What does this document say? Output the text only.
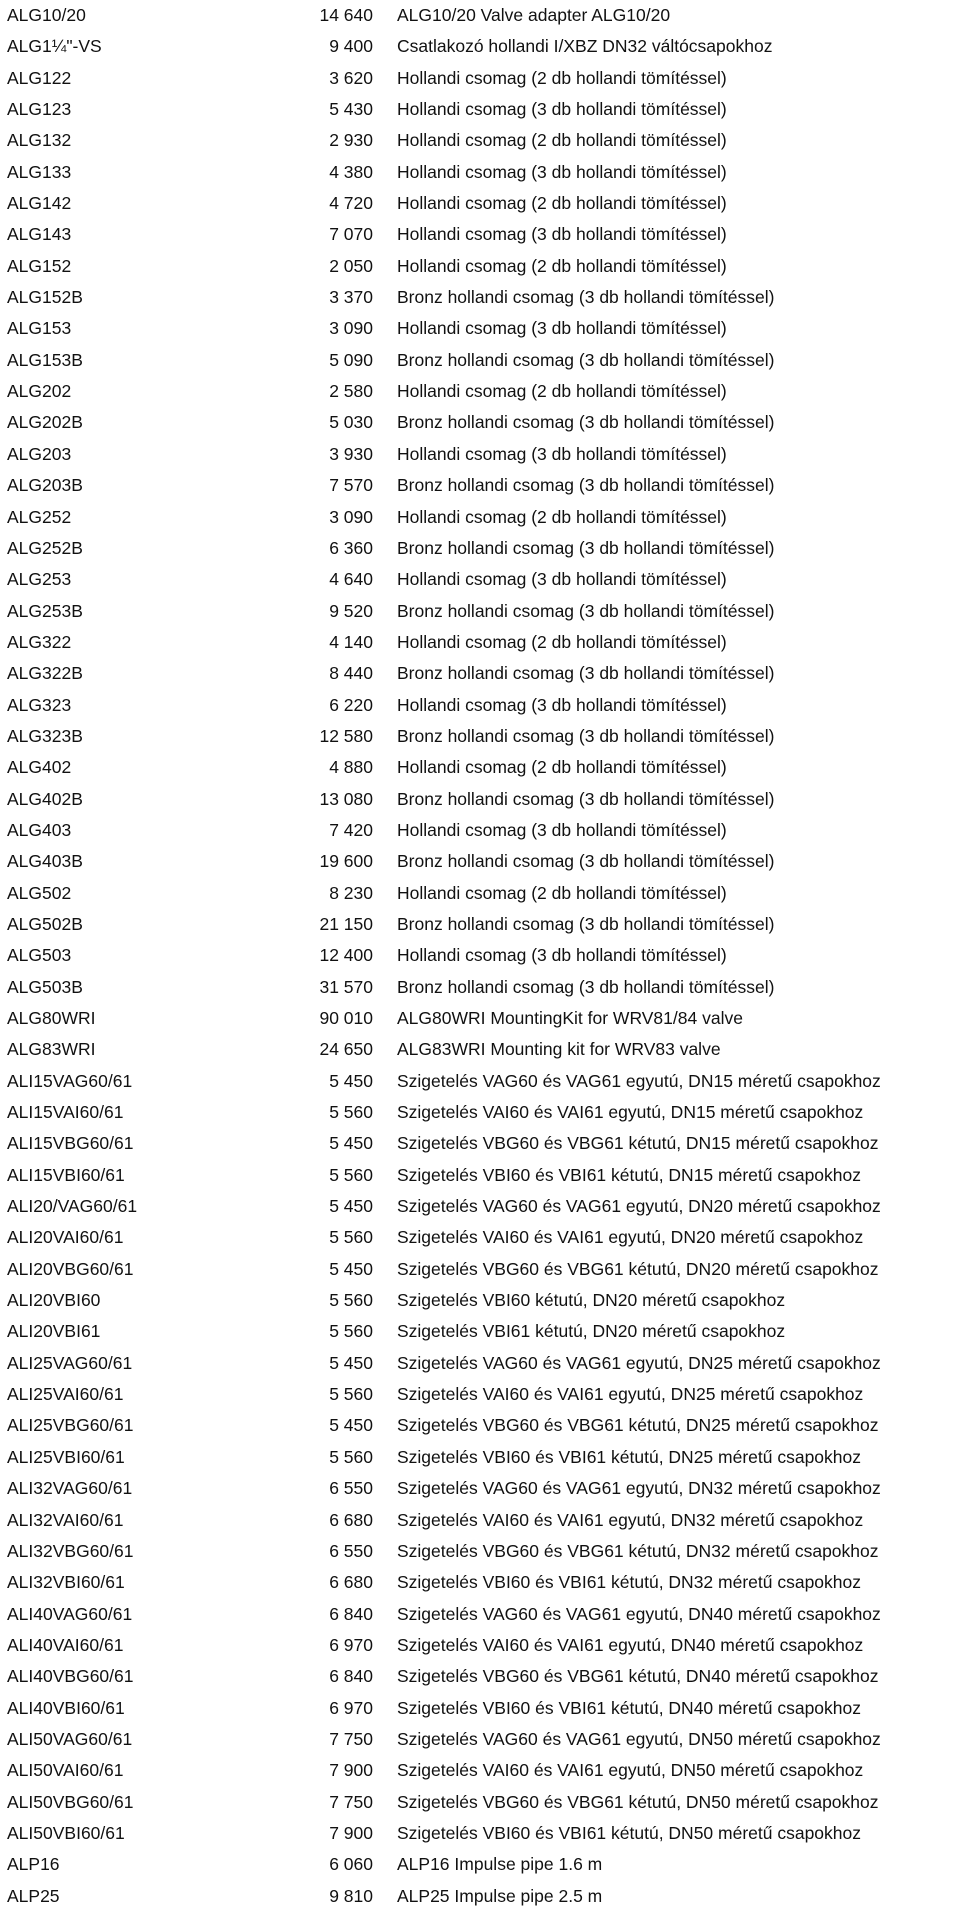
ALG10/20	14 640 ALG10/20 Valve adapter ALG10/20
ALG1¼"-VS	9 400 Csatlakozó hollandi I/XBZ DN32 váltócsapokhoz
ALG122	3 620 Hollandi csomag (2 db hollandi tömítéssel)
ALG123	5 430 Hollandi csomag (3 db hollandi tömítéssel)
ALG132	2 930 Hollandi csomag (2 db hollandi tömítéssel)
ALG133	4 380 Hollandi csomag (3 db hollandi tömítéssel)
ALG142	4 720 Hollandi csomag (2 db hollandi tömítéssel)
ALG143	7 070 Hollandi csomag (3 db hollandi tömítéssel)
ALG152	2 050 Hollandi csomag (2 db hollandi tömítéssel)
ALG152B	3 370 Bronz hollandi csomag (3 db hollandi tömítéssel)
ALG153	3 090 Hollandi csomag (3 db hollandi tömítéssel)
ALG153B	5 090 Bronz hollandi csomag (3 db hollandi tömítéssel)
ALG202	2 580 Hollandi csomag (2 db hollandi tömítéssel)
ALG202B	5 030 Bronz hollandi csomag (3 db hollandi tömítéssel)
ALG203	3 930 Hollandi csomag (3 db hollandi tömítéssel)
ALG203B	7 570 Bronz hollandi csomag (3 db hollandi tömítéssel)
ALG252	3 090 Hollandi csomag (2 db hollandi tömítéssel)
ALG252B	6 360 Bronz hollandi csomag (3 db hollandi tömítéssel)
ALG253	4 640 Hollandi csomag (3 db hollandi tömítéssel)
ALG253B	9 520 Bronz hollandi csomag (3 db hollandi tömítéssel)
ALG322	4 140 Hollandi csomag (2 db hollandi tömítéssel)
ALG322B	8 440 Bronz hollandi csomag (3 db hollandi tömítéssel)
ALG323	6 220 Hollandi csomag (3 db hollandi tömítéssel)
ALG323B	12 580 Bronz hollandi csomag (3 db hollandi tömítéssel)
ALG402	4 880 Hollandi csomag (2 db hollandi tömítéssel)
ALG402B	13 080 Bronz hollandi csomag (3 db hollandi tömítéssel)
ALG403	7 420 Hollandi csomag (3 db hollandi tömítéssel)
ALG403B	19 600 Bronz hollandi csomag (3 db hollandi tömítéssel)
ALG502	8 230 Hollandi csomag (2 db hollandi tömítéssel)
ALG502B	21 150 Bronz hollandi csomag (3 db hollandi tömítéssel)
ALG503	12 400 Hollandi csomag (3 db hollandi tömítéssel)
ALG503B	31 570 Bronz hollandi csomag (3 db hollandi tömítéssel)
ALG80WRI	90 010 ALG80WRI MountingKit for WRV81/84 valve
ALG83WRI	24 650 ALG83WRI Mounting kit for WRV83 valve
ALI15VAG60/61	5 450 Szigetelés VAG60 és VAG61 egyutú, DN15 méretű csapokhoz
ALI15VAI60/61	5 560 Szigetelés VAI60 és VAI61 egyutú, DN15 méretű csapokhoz
ALI15VBG60/61	5 450 Szigetelés VBG60 és VBG61 kétutú, DN15 méretű csapokhoz
ALI15VBI60/61	5 560 Szigetelés VBI60 és VBI61 kétutú, DN15 méretű csapokhoz
ALI20/VAG60/61	5 450 Szigetelés VAG60 és VAG61 egyutú, DN20 méretű csapokhoz
ALI20VAI60/61	5 560 Szigetelés VAI60 és VAI61 egyutú, DN20 méretű csapokhoz
ALI20VBG60/61	5 450 Szigetelés VBG60 és VBG61 kétutú, DN20 méretű csapokhoz
ALI20VBI60	5 560 Szigetelés VBI60 kétutú, DN20 méretű csapokhoz
ALI20VBI61	5 560 Szigetelés VBI61 kétutú, DN20 méretű csapokhoz
ALI25VAG60/61	5 450 Szigetelés VAG60 és VAG61 egyutú, DN25 méretű csapokhoz
ALI25VAI60/61	5 560 Szigetelés VAI60 és VAI61 egyutú, DN25 méretű csapokhoz
ALI25VBG60/61	5 450 Szigetelés VBG60 és VBG61 kétutú, DN25 méretű csapokhoz
ALI25VBI60/61	5 560 Szigetelés VBI60 és VBI61 kétutú, DN25 méretű csapokhoz
ALI32VAG60/61	6 550 Szigetelés VAG60 és VAG61 egyutú, DN32 méretű csapokhoz
ALI32VAI60/61	6 680 Szigetelés VAI60 és VAI61 egyutú, DN32 méretű csapokhoz
ALI32VBG60/61	6 550 Szigetelés VBG60 és VBG61 kétutú, DN32 méretű csapokhoz
ALI32VBI60/61	6 680 Szigetelés VBI60 és VBI61 kétutú, DN32 méretű csapokhoz
ALI40VAG60/61	6 840 Szigetelés VAG60 és VAG61 egyutú, DN40 méretű csapokhoz
ALI40VAI60/61	6 970 Szigetelés VAI60 és VAI61 egyutú, DN40 méretű csapokhoz
ALI40VBG60/61	6 840 Szigetelés VBG60 és VBG61 kétutú, DN40 méretű csapokhoz
ALI40VBI60/61	6 970 Szigetelés VBI60 és VBI61 kétutú, DN40 méretű csapokhoz
ALI50VAG60/61	7 750 Szigetelés VAG60 és VAG61 egyutú, DN50 méretű csapokhoz
ALI50VAI60/61	7 900 Szigetelés VAI60 és VAI61 egyutú, DN50 méretű csapokhoz
ALI50VBG60/61	7 750 Szigetelés VBG60 és VBG61 kétutú, DN50 méretű csapokhoz
ALI50VBI60/61	7 900 Szigetelés VBI60 és VBI61 kétutú, DN50 méretű csapokhoz
ALP16	6 060 ALP16 Impulse pipe 1.6 m
ALP25	9 810 ALP25 Impulse pipe 2.5 m
